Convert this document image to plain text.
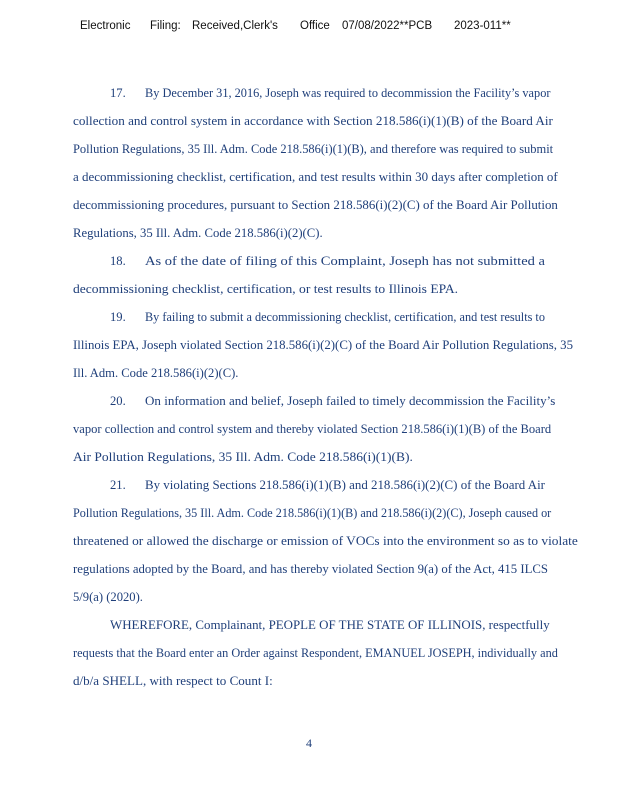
Electronic Filing: Received,Clerk's Office 07/08/2022**PCB 2023-011**
17. By December 31, 2016, Joseph was required to decommission the Facility’s vapor
collection and control system in accordance with Section 218.586(i)(1)(B) of the Board Air
Pollution Regulations, 35 Ill. Adm. Code 218.586(i)(1)(B), and therefore was required to submit
a decommissioning checklist, certification, and test results within 30 days after completion of
decommissioning procedures, pursuant to Section 218.586(i)(2)(C) of the Board Air Pollution
Regulations, 35 Ill. Adm. Code 218.586(i)(2)(C).
18. As of the date of filing of this Complaint, Joseph has not submitted a
decommissioning checklist, certification, or test results to Illinois EPA.
19. By failing to submit a decommissioning checklist, certification, and test results to
Illinois EPA, Joseph violated Section 218.586(i)(2)(C) of the Board Air Pollution Regulations, 35
Ill. Adm. Code 218.586(i)(2)(C).
20. On information and belief, Joseph failed to timely decommission the Facility’s
vapor collection and control system and thereby violated Section 218.586(i)(1)(B) of the Board
Air Pollution Regulations, 35 Ill. Adm. Code 218.586(i)(1)(B).
21. By violating Sections 218.586(i)(1)(B) and 218.586(i)(2)(C) of the Board Air
Pollution Regulations, 35 Ill. Adm. Code 218.586(i)(1)(B) and 218.586(i)(2)(C), Joseph caused or
threatened or allowed the discharge or emission of VOCs into the environment so as to violate
regulations adopted by the Board, and has thereby violated Section 9(a) of the Act, 415 ILCS
5/9(a) (2020).
WHEREFORE, Complainant, PEOPLE OF THE STATE OF ILLINOIS, respectfully
requests that the Board enter an Order against Respondent, EMANUEL JOSEPH, individually and
d/b/a SHELL, with respect to Count I:
4
